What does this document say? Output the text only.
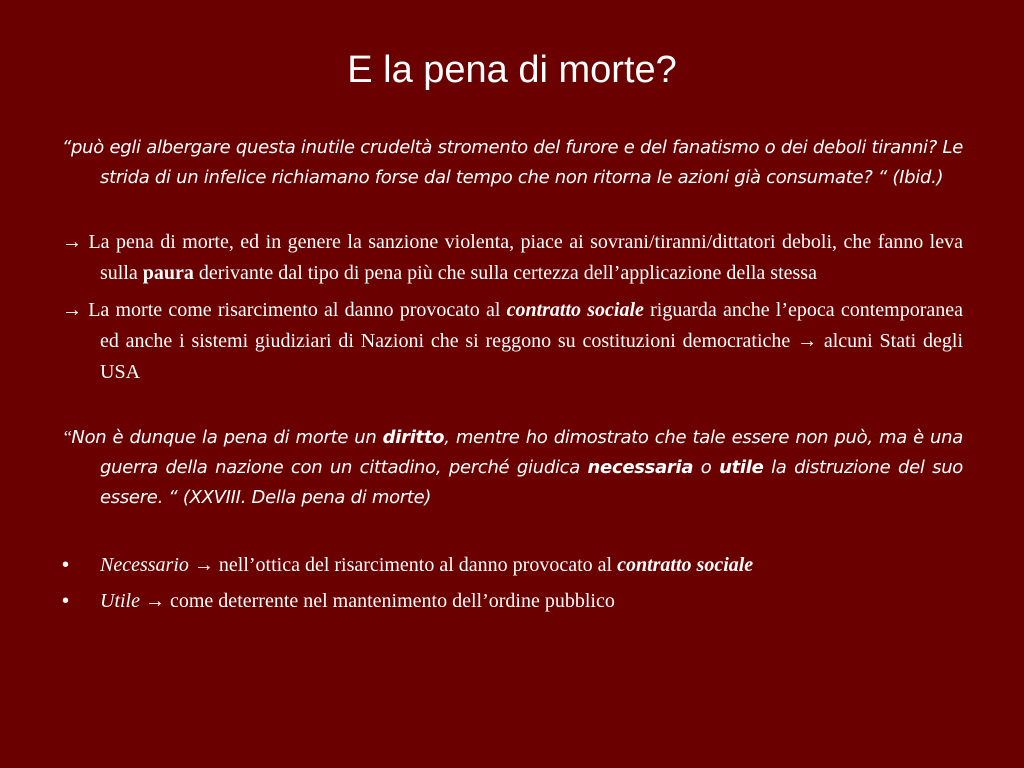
E la pena di morte?

“può egli albergare questa inutile crudeltà stromento del furore e del fanatismo o dei deboli tiranni? Le strida di un infelice richiamano forse dal tempo che non ritorna le azioni già consumate? “ (Ibid.)

→ La pena di morte, ed in genere la sanzione violenta, piace ai sovrani/tiranni/dittatori deboli, che fanno leva sulla paura derivante dal tipo di pena più che sulla certezza dell’applicazione della stessa

→ La morte come risarcimento al danno provocato al contratto sociale riguarda anche l’epoca contemporanea ed anche i sistemi giudiziari di Nazioni che si reggono su costituzioni democratiche → alcuni Stati degli USA

‘‘Non è dunque la pena di morte un diritto, mentre ho dimostrato che tale essere non può, ma è una guerra della nazione con un cittadino, perché giudica necessaria o utile la distruzione del suo essere. “ (XXVIII. Della pena di morte)

• Necessario → nell’ottica del risarcimento al danno provocato al contratto sociale

• Utile → come deterrente nel mantenimento dell’ordine pubblico
